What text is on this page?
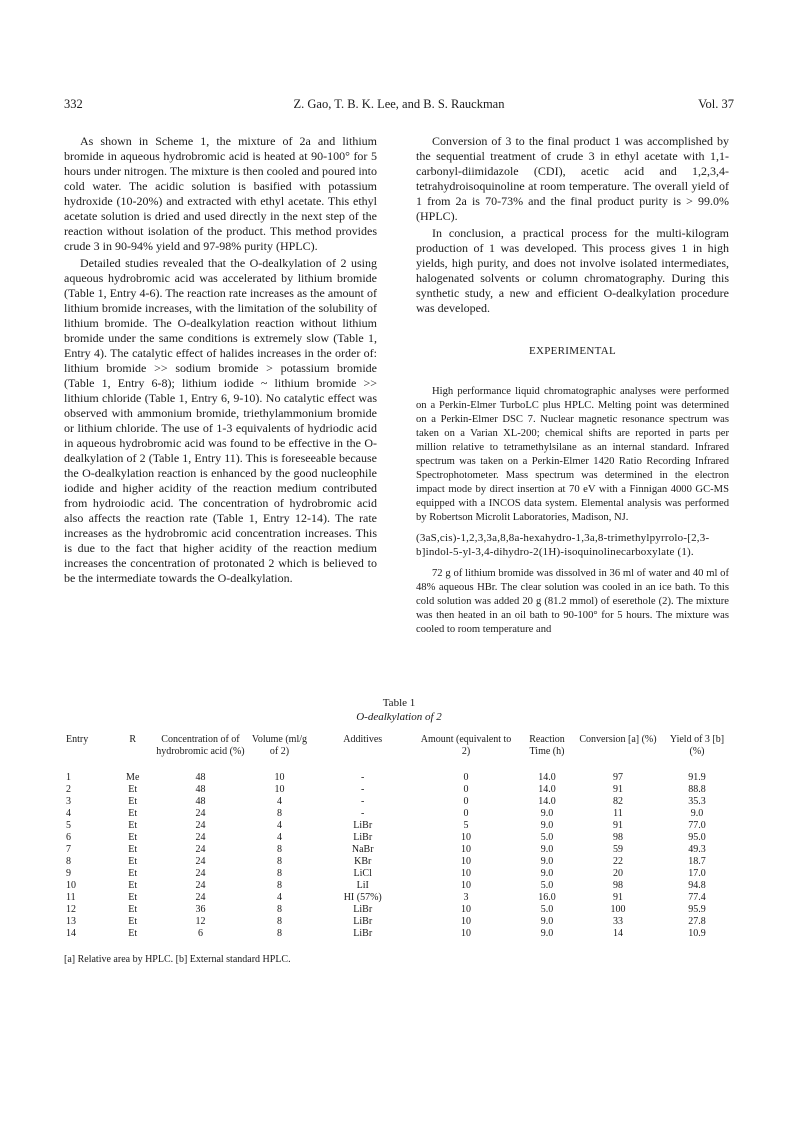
332	Z. Gao, T. B. K. Lee, and B. S. Rauckman	Vol. 37

As shown in Scheme 1, the mixture of 2a and lithium bromide in aqueous hydrobromic acid is heated at 90-100° for 5 hours under nitrogen. The mixture is then cooled and poured into cold water. The acidic solution is basified with potassium hydroxide (10-20%) and extracted with ethyl acetate. This ethyl acetate solution is dried and used directly in the next step of the reaction without isolation of the product. This method provides crude 3 in 90-94% yield and 97-98% purity (HPLC).

Detailed studies revealed that the O-dealkylation of 2 using aqueous hydrobromic acid was accelerated by lithium bromide (Table 1, Entry 4-6). The reaction rate increases as the amount of lithium bromide increases, with the limitation of the solubility of lithium bromide. The O-dealkylation reaction without lithium bromide under the same conditions is extremely slow (Table 1, Entry 4). The catalytic effect of halides increases in the order of: lithium bromide >> sodium bromide > potassium bromide (Table 1, Entry 6-8); lithium iodide ~ lithium bromide >> lithium chloride (Table 1, Entry 6, 9-10). No catalytic effect was observed with ammonium bromide, triethylammonium bromide or lithium chloride. The use of 1-3 equivalents of hydriodic acid in aqueous hydrobromic acid was found to be effective in the O-dealkylation of 2 (Table 1, Entry 11). This is foreseeable because the O-dealkylation reaction is enhanced by the good nucleophile iodide and higher acidity of the reaction medium contributed from hydroiodic acid. The concentration of hydrobromic acid also affects the reaction rate (Table 1, Entry 12-14). The rate increases as the hydrobromic acid concentration increases. This is due to the fact that higher acidity of the reaction medium increases the concentration of protonated 2 which is believed to be the intermediate towards the O-dealkylation.

Conversion of 3 to the final product 1 was accomplished by the sequential treatment of crude 3 in ethyl acetate with 1,1-carbonyl-diimidazole (CDI), acetic acid and 1,2,3,4-tetrahydroisoquinoline at room temperature. The overall yield of 1 from 2a is 70-73% and the final product purity is > 99.0% (HPLC).

In conclusion, a practical process for the multi-kilogram production of 1 was developed. This process gives 1 in high yields, high purity, and does not involve isolated intermediates, halogenated solvents or column chromatography. During this synthetic study, a new and efficient O-dealkylation procedure was developed.

EXPERIMENTAL

High performance liquid chromatographic analyses were performed on a Perkin-Elmer TurboLC plus HPLC. Melting point was determined on a Perkin-Elmer DSC 7. Nuclear magnetic resonance spectrum was taken on a Varian XL-200; chemical shifts are reported in parts per million relative to tetramethylsilane as an internal standard. Infrared spectrum was taken on a Perkin-Elmer 1420 Ratio Recording Infrared Spectrophotometer. Mass spectrum was determined in the electron impact mode by direct insertion at 70 eV with a Finnigan 4000 GC-MS equipped with a INCOS data system. Elemental analysis was performed by Robertson Microlit Laboratories, Madison, NJ.

(3aS,cis)-1,2,3,3a,8,8a-hexahydro-1,3a,8-trimethylpyrrolo-[2,3-b]indol-5-yl-3,4-dihydro-2(1H)-isoquinolinecarboxylate (1).

72 g of lithium bromide was dissolved in 36 ml of water and 40 ml of 48% aqueous HBr. The clear solution was cooled in an ice bath. To this cold solution was added 20 g (81.2 mmol) of eserethole (2). The mixture was then heated in an oil bath to 90-100° for 5 hours. The mixture was cooled to room temperature and

Table 1
O-dealkylation of 2
Entry	R	Concentration of of hydrobromic acid (%)	Volume (ml/g of 2)	Additives	Amount (equivalent to 2)	Reaction Time (h)	Conversion [a] (%)	Yield of 3 [b] (%)
1	Me	48	10	-	0	14.0	97	91.9
2	Et	48	10	-	0	14.0	91	88.8
3	Et	48	4	-	0	14.0	82	35.3
4	Et	24	8	-	0	9.0	11	9.0
5	Et	24	4	LiBr	5	9.0	91	77.0
6	Et	24	4	LiBr	10	5.0	98	95.0
7	Et	24	8	NaBr	10	9.0	59	49.3
8	Et	24	8	KBr	10	9.0	22	18.7
9	Et	24	8	LiCl	10	9.0	20	17.0
10	Et	24	8	LiI	10	5.0	98	94.8
11	Et	24	4	HI (57%)	3	16.0	91	77.4
12	Et	36	8	LiBr	10	5.0	100	95.9
13	Et	12	8	LiBr	10	9.0	33	27.8
14	Et	6	8	LiBr	10	9.0	14	10.9
[a] Relative area by HPLC. [b] External standard HPLC.
